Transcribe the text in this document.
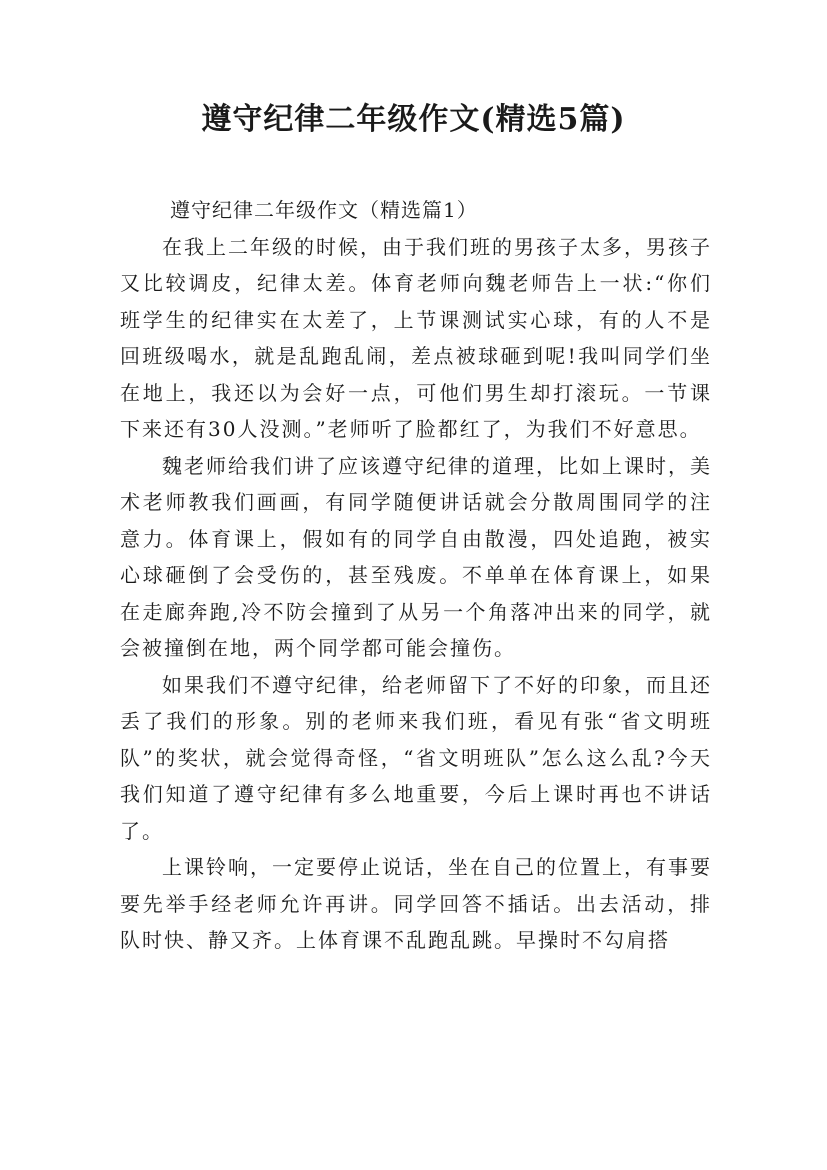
遵守纪律二年级作文(精选5篇)

遵守纪律二年级作文（精选篇1）

在我上二年级的时候，由于我们班的男孩子太多，男孩子又比较调皮，纪律太差。体育老师向魏老师告上一状:“你们班学生的纪律实在太差了，上节课测试实心球，有的人不是回班级喝水，就是乱跑乱闹，差点被球砸到呢!我叫同学们坐在地上，我还以为会好一点，可他们男生却打滚玩。一节课下来还有30人没测。”老师听了脸都红了，为我们不好意思。

魏老师给我们讲了应该遵守纪律的道理，比如上课时，美术老师教我们画画，有同学随便讲话就会分散周围同学的注意力。体育课上，假如有的同学自由散漫，四处追跑，被实心球砸倒了会受伤的，甚至残废。不单单在体育课上，如果在走廊奔跑,冷不防会撞到了从另一个角落冲出来的同学，就会被撞倒在地，两个同学都可能会撞伤。

如果我们不遵守纪律，给老师留下了不好的印象，而且还丢了我们的形象。别的老师来我们班，看见有张“省文明班队”的奖状，就会觉得奇怪，“省文明班队”怎么这么乱?今天我们知道了遵守纪律有多么地重要，今后上课时再也不讲话了。

上课铃响，一定要停止说话，坐在自己的位置上，有事要要先举手经老师允许再讲。同学回答不插话。出去活动，排队时快、静又齐。上体育课不乱跑乱跳。早操时不勾肩搭
